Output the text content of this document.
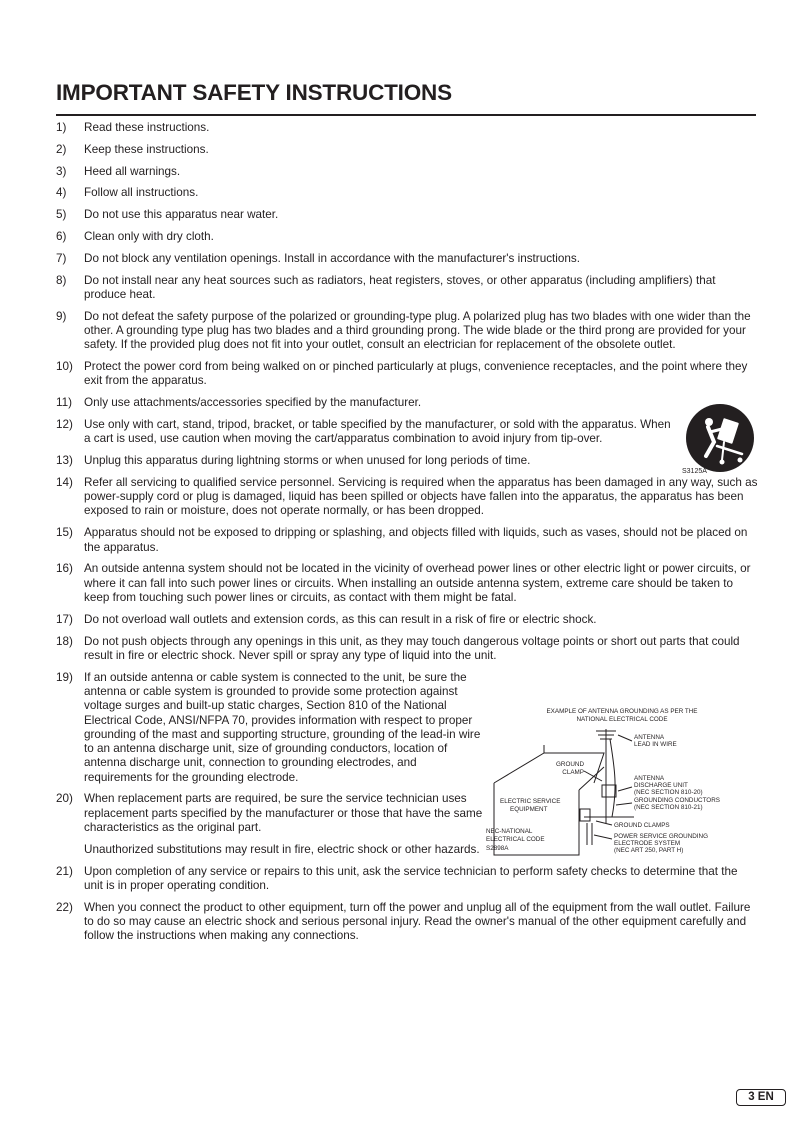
IMPORTANT SAFETY INSTRUCTIONS
1) Read these instructions.
2) Keep these instructions.
3) Heed all warnings.
4) Follow all instructions.
5) Do not use this apparatus near water.
6) Clean only with dry cloth.
7) Do not block any ventilation openings. Install in accordance with the manufacturer's instructions.
8) Do not install near any heat sources such as radiators, heat registers, stoves, or other apparatus (including amplifiers) that produce heat.
9) Do not defeat the safety purpose of the polarized or grounding-type plug. A polarized plug has two blades with one wider than the other. A grounding type plug has two blades and a third grounding prong. The wide blade or the third prong are provided for your safety. If the provided plug does not fit into your outlet, consult an electrician for replacement of the obsolete outlet.
10) Protect the power cord from being walked on or pinched particularly at plugs, convenience receptacles, and the point where they exit from the apparatus.
11) Only use attachments/accessories specified by the manufacturer.
12) Use only with cart, stand, tripod, bracket, or table specified by the manufacturer, or sold with the apparatus. When a cart is used, use caution when moving the cart/apparatus combination to avoid injury from tip-over.
13) Unplug this apparatus during lightning storms or when unused for long periods of time.
14) Refer all servicing to qualified service personnel. Servicing is required when the apparatus has been damaged in any way, such as power-supply cord or plug is damaged, liquid has been spilled or objects have fallen into the apparatus, the apparatus has been exposed to rain or moisture, does not operate normally, or has been dropped.
15) Apparatus should not be exposed to dripping or splashing, and objects filled with liquids, such as vases, should not be placed on the apparatus.
16) An outside antenna system should not be located in the vicinity of overhead power lines or other electric light or power circuits, or where it can fall into such power lines or circuits. When installing an outside antenna system, extreme care should be taken to keep from touching such power lines or circuits, as contact with them might be fatal.
17) Do not overload wall outlets and extension cords, as this can result in a risk of fire or electric shock.
18) Do not push objects through any openings in this unit, as they may touch dangerous voltage points or short out parts that could result in fire or electric shock. Never spill or spray any type of liquid into the unit.
19) If an outside antenna or cable system is connected to the unit, be sure the antenna or cable system is grounded to provide some protection against voltage surges and built-up static charges, Section 810 of the National Electrical Code, ANSI/NFPA 70, provides information with respect to proper grounding of the mast and supporting structure, grounding of the lead-in wire to an antenna discharge unit, size of grounding conductors, location of antenna discharge unit, connection to grounding electrodes, and requirements for the grounding electrode.
20) When replacement parts are required, be sure the service technician uses replacement parts specified by the manufacturer or those that have the same characteristics as the original part.
Unauthorized substitutions may result in fire, electric shock or other hazards.
21) Upon completion of any service or repairs to this unit, ask the service technician to perform safety checks to determine that the unit is in proper operating condition.
22) When you connect the product to other equipment, turn off the power and unplug all of the equipment from the wall outlet. Failure to do so may cause an electric shock and serious personal injury. Read the owner's manual of the other equipment carefully and follow the instructions when making any connections.
S3125A
EXAMPLE OF ANTENNA GROUNDING AS PER THE
NATIONAL ELECTRICAL CODE
ANTENNA
LEAD IN WIRE
GROUND
CLAMP
ANTENNA
DISCHARGE UNIT
(NEC SECTION 810-20)
GROUNDING CONDUCTORS
(NEC SECTION 810-21)
ELECTRIC SERVICE
EQUIPMENT
GROUND CLAMPS
POWER SERVICE GROUNDING
ELECTRODE SYSTEM
(NEC ART 250, PART H)
NEC-NATIONAL
ELECTRICAL CODE
S2898A
3 EN
